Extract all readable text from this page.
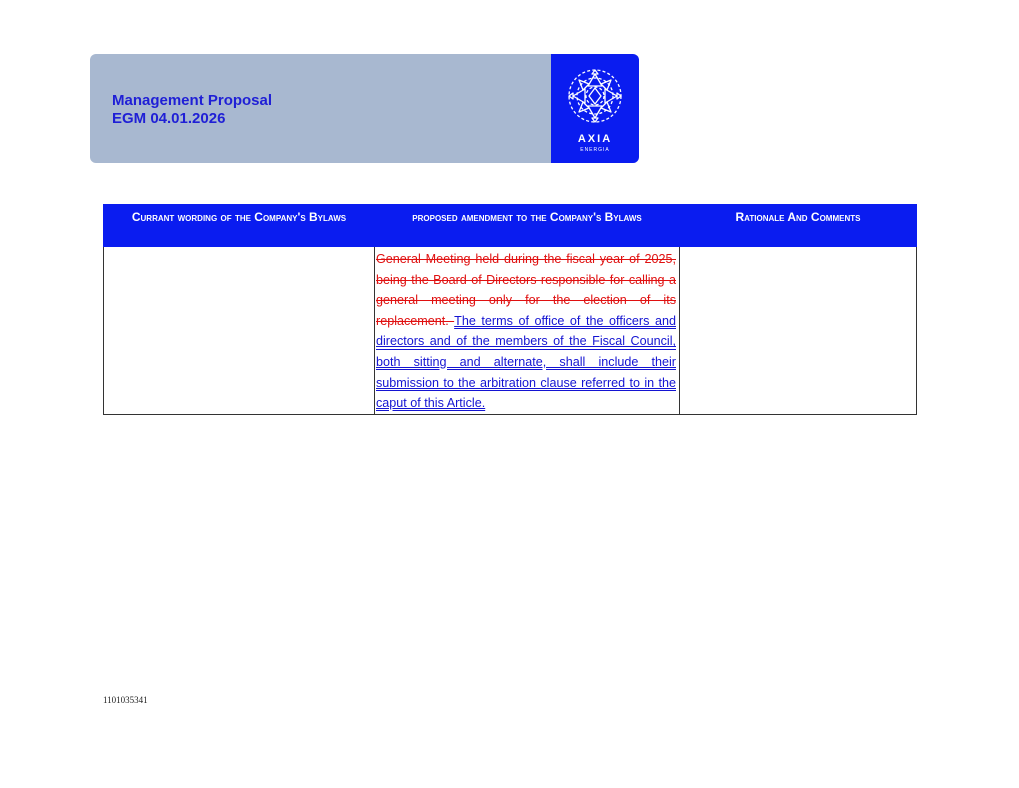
Management Proposal
EGM 04.01.2026
AXIA
ENERGIA
Currant wording of the Company's Bylaws	proposed amendment to the Company's Bylaws	Rationale And Comments

	General Meeting held during the fiscal year of 2025, being the Board of Directors responsible for calling a general meeting only for the election of its replacement. The terms of office of the officers and directors and of the members of the Fiscal Council, both sitting and alternate, shall include their submission to the arbitration clause referred to in the caput of this Article.	

1101035341
